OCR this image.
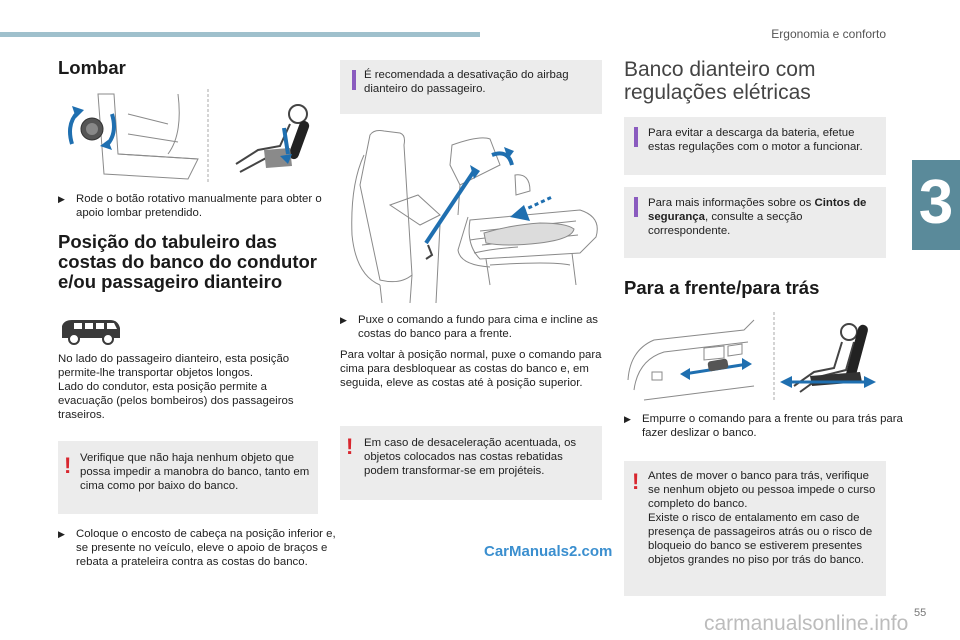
Ergonomia e conforto
3
Lombar
▶ Rode o botão rotativo manualmente para obter o apoio lombar pretendido.
Posição do tabuleiro das costas do banco do condutor e/ou passageiro dianteiro

No lado do passageiro dianteiro, esta posição permite-lhe transportar objetos longos.
Lado do condutor, esta posição permite a evacuação (pelos bombeiros) dos passageiros traseiros.

! Verifique que não haja nenhum objeto que possa impedir a manobra do banco, tanto em cima como por baixo do banco.
▶ Coloque o encosto de cabeça na posição inferior e, se presente no veículo, eleve o apoio de braços e rebata a prateleira contra as costas do banco.
É recomendada a desativação do airbag dianteiro do passageiro.
▶ Puxe o comando a fundo para cima e incline as costas do banco para a frente.

Para voltar à posição normal, puxe o comando para cima para desbloquear as costas do banco e, em seguida, eleve as costas até à posição superior.

! Em caso de desaceleração acentuada, os objetos colocados nas costas rebatidas podem transformar-se em projéteis.
Banco dianteiro com regulações elétricas
Para evitar a descarga da bateria, efetue estas regulações com o motor a funcionar.
Para mais informações sobre os Cintos de segurança, consulte a secção correspondente.
Para a frente/para trás
▶ Empurre o comando para a frente ou para trás para fazer deslizar o banco.
! Antes de mover o banco para trás, verifique se nenhum objeto ou pessoa impede o curso completo do banco.
Existe o risco de entalamento em caso de presença de passageiros atrás ou o risco de bloqueio do banco se estiverem presentes objetos grandes no piso por trás do banco.
CarManuals2.com
carmanualsonline.info 55
